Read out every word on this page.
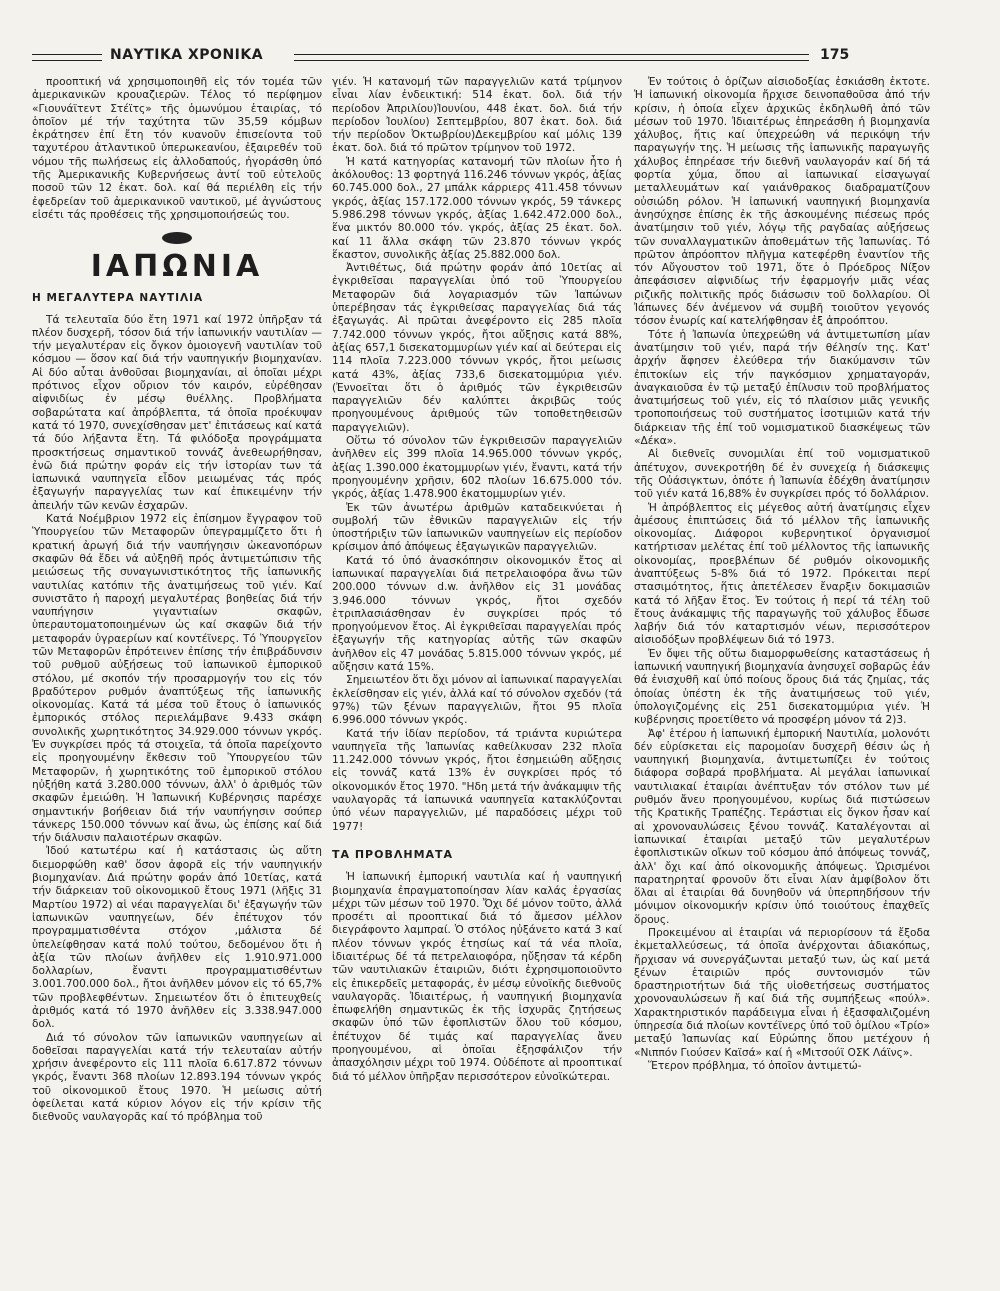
ΝΑΥΤΙΚΑ ΧΡΟΝΙΚΑ	175

προοπτική νά χρησιμοποιηθῆ εἰς τόν τομέα τῶν ἀμερικανικῶν κρουαζιερῶν. Τέλος τό περίφημον «Γιουνάϊτεντ Στέϊτς» τῆς ὁμωνύμου ἑταιρίας, τό ὁποῖον μέ τήν ταχύτητα τῶν 35,59 κόμβων ἐκράτησεν ἐπί ἔτη τόν κυανοῦν ἐπισείοντα τοῦ ταχυτέρου ἀτλαντικοῦ ὑπερωκεανίου, ἐξαιρεθέν τοῦ νόμου τῆς πωλήσεως εἰς ἀλλοδαπούς, ἠγοράσθη ὑπό τῆς Ἀμερικανικῆς Κυβερνήσεως ἀντί τοῦ εὐτελοῦς ποσοῦ τῶν 12 ἑκατ. δολ. καί θά περιέλθη εἰς τήν ἐφεδρείαν τοῦ ἀμερικανικοῦ ναυτικοῦ, μέ ἀγνώστους εἰσέτι τάς προθέσεις τῆς χρησιμοποιήσεώς του.

ΙΑΠΩΝΙΑ
Η ΜΕΓΑΛΥΤΕΡΑ ΝΑΥΤΙΛΙΑ

Τά τελευταῖα δύο ἔτη 1971 καί 1972 ὑπῆρξαν τά πλέον δυσχερῆ, τόσον διά τήν ἰαπωνικήν ναυτιλίαν — τήν μεγαλυτέραν εἰς ὄγκον ὁμοιογενῆ ναυτιλίαν τοῦ κόσμου — ὅσον καί διά τήν ναυπηγικήν βιομηχανίαν. Αἱ δύο αὗται ἀνθοῦσαι βιομηχανίαι, αἱ ὁποῖαι μέχρι πρότινος εἶχον οὔριον τόν καιρόν, εὑρέθησαν αἰφνιδίως ἐν μέσῳ θυέλλης. Προβλήματα σοβαρώτατα καί ἀπρόβλεπτα, τά ὁποῖα προέκυψαν κατά τό 1970, συνεχίσθησαν μετ' ἐπιτάσεως καί κατά τά δύο λήξαντα ἔτη. Τά φιλόδοξα προγράμματα προσκτήσεως σημαντικοῦ τοννάζ ἀνεθεωρήθησαν, ἐνῶ διά πρώτην φοράν εἰς τήν ἱστορίαν των τά ἰαπωνικά ναυπηγεῖα εἶδον μειωμένας τάς πρός ἐξαγωγήν παραγγελίας των καί ἐπικειμένην τήν ἀπειλήν τῶν κενῶν ἐσχαρῶν.

Κατά Νοέμβριον 1972 εἰς ἐπίσημον ἔγγραφον τοῦ Ὑπουργείου τῶν Μεταφορῶν ὑπεγραμμίζετο ὅτι ἡ κρατική ἀρωγή διά τήν ναυπήγησιν ὠκεανοπόρων σκαφῶν θά ἔδει νά αὐξηθῆ πρός ἀντιμετώπισιν τῆς μειώσεως τῆς συναγωνιστικότητος τῆς ἰαπωνικῆς ναυτιλίας κατόπιν τῆς ἀνατιμήσεως τοῦ γιέν. Καί συνιστᾶτο ἡ παροχή μεγαλυτέρας βοηθείας διά τήν ναυπήγησιν γιγαντιαίων σκαφῶν, ὑπεραυτοματοποιημένων ὡς καί σκαφῶν διά τήν μεταφοράν ὑγραερίων καί κοντέϊνερς. Τό Ὑπουργεῖον τῶν Μεταφορῶν ἐπρότεινεν ἐπίσης τήν ἐπιβράδυνσιν τοῦ ρυθμοῦ αὐξήσεως τοῦ ἰαπωνικοῦ ἐμπορικοῦ στόλου, μέ σκοπόν τήν προσαρμογήν του εἰς τόν βραδύτερον ρυθμόν ἀναπτύξεως τῆς ἰαπωνικῆς οἰκονομίας. Κατά τά μέσα τοῦ ἔτους ὁ ἰαπωνικός ἐμπορικός στόλος περιελάμβανε 9.433 σκάφη συνολικῆς χωρητικότητος 34.929.000 τόννων γκρός. Ἐν συγκρίσει πρός τά στοιχεῖα, τά ὁποῖα παρείχοντο εἰς προηγουμένην ἔκθεσιν τοῦ Ὑπουργείου τῶν Μεταφορῶν, ἡ χωρητικότης τοῦ ἐμπορικοῦ στόλου ηὐξήθη κατά 3.280.000 τόννων, ἀλλ' ὁ ἀριθμός τῶν σκαφῶν ἐμειώθη. Ἡ Ἰαπωνική Κυβέρνησις παρέσχε σημαντικήν βοήθειαν διά τήν ναυπήγησιν σούπερ τάνκερς 150.000 τόννων καί ἄνω, ὡς ἐπίσης καί διά τήν διάλυσιν παλαιοτέρων σκαφῶν.

Ἰδού κατωτέρω καί ἡ κατάστασις ὡς αὕτη διεμορφώθη καθ' ὅσον ἀφορᾶ εἰς τήν ναυπηγικήν βιομηχανίαν. Διά πρώτην φοράν ἀπό 10ετίας, κατά τήν διάρκειαν τοῦ οἰκονομικοῦ ἔτους 1971 (λῆξις 31 Μαρτίου 1972) αἱ νέαι παραγγελίαι δι' ἐξαγωγήν τῶν ἰαπωνικῶν ναυπηγείων, δέν ἐπέτυχον τόν προγραμματισθέντα στόχον ,μάλιστα δέ ὑπελείφθησαν κατά πολύ τούτου, δεδομένου ὅτι ἡ ἀξία τῶν πλοίων ἀνῆλθεν εἰς 1.910.971.000 δολλαρίων, ἔναντι προγραμματισθέντων 3.001.700.000 δολ., ἤτοι ἀνῆλθεν μόνον εἰς τό 65,7% τῶν προβλεφθέντων. Σημειωτέον ὅτι ὁ ἐπιτευχθείς ἀριθμός κατά τό 1970 ἀνῆλθεν εἰς 3.338.947.000 δολ.

Διά τό σύνολον τῶν ἰαπωνικῶν ναυπηγείων αἱ δοθεῖσαι παραγγελίαι κατά τήν τελευταίαν αὐτήν χρήσιν ἀνεφέροντο εἰς 111 πλοῖα 6.617.872 τόννων γκρός, ἔναντι 368 πλοίων 12.893.194 τόννων γκρός τοῦ οἰκονομικοῦ ἔτους 1970. Ἡ μείωσις αὐτή ὀφείλεται κατά κύριον λόγον εἰς τήν κρίσιν τῆς διεθνοῦς ναυλαγορᾶς καί τό πρόβλημα τοῦ

γιέν. Ἡ κατανομή τῶν παραγγελιῶν κατά τρίμηνον εἶναι λίαν ἐνδεικτική: 514 ἑκατ. δολ. διά τήν περίοδον Ἀπριλίου)Ἰουνίου, 448 ἑκατ. δολ. διά τήν περίοδον Ἰουλίου) Σεπτεμβρίου, 807 ἑκατ. δολ. διά τήν περίοδον Ὀκτωβρίου)Δεκεμβρίου καί μόλις 139 ἑκατ. δολ. διά τό πρῶτον τρίμηνον τοῦ 1972.

Ἡ κατά κατηγορίας κατανομή τῶν πλοίων ἦτο ἡ ἀκόλουθος: 13 φορτηγά 116.246 τόννων γκρός, ἀξίας 60.745.000 δολ., 27 μπάλκ κάρριερς 411.458 τόννων γκρός, ἀξίας 157.172.000 τόννων γκρός, 59 τάνκερς 5.986.298 τόννων γκρός, ἀξίας 1.642.472.000 δολ., ἕνα μικτόν 80.000 τόν. γκρός, ἀξίας 25 ἑκατ. δολ. καί 11 ἄλλα σκάφη τῶν 23.870 τόννων γκρός ἕκαστον, συνολικῆς ἀξίας 25.882.000 δολ.

Ἀντιθέτως, διά πρώτην φοράν ἀπό 10ετίας αἱ ἐγκριθεῖσαι παραγγελίαι ὑπό τοῦ Ὑπουργείου Μεταφορῶν διά λογαριασμόν τῶν Ἰαπώνων ὑπερέβησαν τάς ἐγκριθείσας παραγγελίας διά τάς ἐξαγωγάς. Αἱ πρῶται ἀνεφέροντο εἰς 285 πλοῖα 7.742.000 τόννων γκρός, ἤτοι αὔξησις κατά 88%, ἀξίας 657,1 δισεκατομμυρίων γιέν καί αἱ δεύτεραι εἰς 114 πλοῖα 7.223.000 τόννων γκρός, ἤτοι μείωσις κατά 43%, ἀξίας 733,6 δισεκατομμύρια γιέν. (Ἐννοεῖται ὅτι ὁ ἀριθμός τῶν ἐγκριθεισῶν παραγγελιῶν δέν καλύπτει ἀκριβῶς τούς προηγουμένους ἀριθμούς τῶν τοποθετηθεισῶν παραγγελιῶν).

Οὕτω τό σύνολον τῶν ἐγκριθεισῶν παραγγελιῶν ἀνῆλθεν εἰς 399 πλοῖα 14.965.000 τόννων γκρός, ἀξίας 1.390.000 ἑκατομμυρίων γιέν, ἔναντι, κατά τήν προηγουμένην χρῆσιν, 602 πλοίων 16.675.000 τόν. γκρός, ἀξίας 1.478.900 ἑκατομμυρίων γιέν.

Ἐκ τῶν ἀνωτέρω ἀριθμῶν καταδεικνύεται ἡ συμβολή τῶν ἐθνικῶν παραγγελιῶν εἰς τήν ὑποστήριξιν τῶν ἰαπωνικῶν ναυπηγείων εἰς περίοδον κρίσιμον ἀπό ἀπόψεως ἐξαγωγικῶν παραγγελιῶν.

Κατά τό ὑπό ἀνασκόπησιν οἰκονομικόν ἔτος αἱ ἰαπωνικαί παραγγελίαι διά πετρελαιοφόρα ἄνω τῶν 200.000 τόννων d.w. ἀνῆλθον εἰς 31 μονάδας 3.946.000 τόννων γκρός, ἤτοι σχεδόν ἐτριπλασιάσθησαν ἐν συγκρίσει πρός τό προηγούμενον ἔτος. Αἱ ἐγκριθεῖσαι παραγγελίαι πρός ἐξαγωγήν τῆς κατηγορίας αὐτῆς τῶν σκαφῶν ἀνῆλθον εἰς 47 μονάδας 5.815.000 τόννων γκρός, μέ αὔξησιν κατά 15%.

Σημειωτέον ὅτι ὄχι μόνον αἱ ἰαπωνικαί παραγγελίαι ἐκλείσθησαν εἰς γιέν, ἀλλά καί τό σύνολον σχεδόν (τά 97%) τῶν ξένων παραγγελιῶν, ἤτοι 95 πλοῖα 6.996.000 τόννων γκρός.

Κατά τήν ἰδίαν περίοδον, τά τριάντα κυριώτερα ναυπηγεῖα τῆς Ἰαπωνίας καθείλκυσαν 232 πλοῖα 11.242.000 τόννων γκρός, ἤτοι ἐσημειώθη αὔξησις εἰς τοννάζ κατά 13% ἐν συγκρίσει πρός τό οἰκονομικόν ἔτος 1970. "Ηδη μετά τήν ἀνάκαμψιν τῆς ναυλαγορᾶς τά ἰαπωνικά ναυπηγεῖα κατακλύζονται ὑπό νέων παραγγελιῶν, μέ παραδόσεις μέχρι τοῦ 1977!

ΤΑ ΠΡΟΒΛΗΜΑΤΑ

Ἡ ἰαπωνική ἐμπορική ναυτιλία καί ἡ ναυπηγική βιομηχανία ἐπραγματοποίησαν λίαν καλάς ἐργασίας μέχρι τῶν μέσων τοῦ 1970. Ὄχι δέ μόνον τοῦτο, ἀλλά προσέτι αἱ προοπτικαί διά τό ἄμεσον μέλλον διεγράφοντο λαμπραί. Ὁ στόλος ηὐξάνετο κατά 3 καί πλέον τόννων γκρός ἐτησίως καί τά νέα πλοῖα, ἰδιαιτέρως δέ τά πετρελαιοφόρα, ηὔξησαν τά κέρδη τῶν ναυτιλιακῶν ἑταιριῶν, διότι ἐχρησιμοποιοῦντο εἰς ἐπικερδεῖς μεταφοράς, ἐν μέσῳ εὐνοϊκῆς διεθνοῦς ναυλαγορᾶς. Ἰδιαιτέρως, ἡ ναυπηγική βιομηχανία ἐπωφελήθη σημαντικῶς ἐκ τῆς ἰσχυρᾶς ζητήσεως σκαφῶν ὑπό τῶν ἐφοπλιστῶν ὅλου τοῦ κόσμου, ἐπέτυχον δέ τιμάς καί παραγγελίας ἄνευ προηγουμένου, αἱ ὁποῖαι ἐξησφάλιζον τήν ἀπασχόλησιν μέχρι τοῦ 1974. Οὐδέποτε αἱ προοπτικαί διά τό μέλλον ὑπῆρξαν περισσότερον εὐνοϊκώτεραι.

Ἐν τούτοις ὁ ὁρίζων αἰσιοδοξίας ἐσκιάσθη ἐκτοτε. Ἡ ἰαπωνική οἰκονομία ἤρχισε δεινοπαθοῦσα ἀπό τήν κρίσιν, ἡ ὁποία εἶχεν ἀρχικῶς ἐκδηλωθῆ ἀπό τῶν μέσων τοῦ 1970. Ἰδιαιτέρως ἐπηρεάσθη ἡ βιομηχανία χάλυβος, ἥτις καί ὑπεχρεώθη νά περικόψη τήν παραγωγήν της. Ἡ μείωσις τῆς ἰαπωνικῆς παραγωγῆς χάλυβος ἐπηρέασε τήν διεθνῆ ναυλαγοράν καί δή τά φορτία χύμα, ὅπου αἱ ἰαπωνικαί εἰσαγωγαί μεταλλευμάτων καί γαιάνθρακος διαδραματίζουν οὐσιώδη ρόλον. Ἡ ἰαπωνική ναυπηγική βιομηχανία ἀνησύχησε ἐπίσης ἐκ τῆς ἀσκουμένης πιέσεως πρός ἀνατίμησιν τοῦ γιέν, λόγῳ τῆς ραγδαίας αὐξήσεως τῶν συναλλαγματικῶν ἀποθεμάτων τῆς Ἰαπωνίας. Τό πρῶτον ἀπρόοπτον πλῆγμα κατεφέρθη ἐναντίον τῆς τόν Αὔγουστον τοῦ 1971, ὅτε ὁ Πρόεδρος Νίξον ἀπεφάσισεν αἰφνιδίως τήν ἐφαρμογήν μιᾶς νέας ριζικῆς πολιτικῆς πρός διάσωσιν τοῦ δολλαρίου. Οἱ Ἰάπωνες δέν ἀνέμενον νά συμβῆ τοιοῦτον γεγονός τόσον ἐνωρίς καί κατελήφθησαν ἐξ ἀπροόπτου.

Τότε ἡ Ἰαπωνία ὑπεχρεώθη νά ἀντιμετωπίση μίαν ἀνατίμησιν τοῦ γιέν, παρά τήν θέλησίν της. Κατ' ἀρχήν ἄφησεν ἐλεύθερα τήν διακύμανσιν τῶν ἐπιτοκίων εἰς τήν παγκόσμιον χρηματαγοράν, ἀναγκαιοῦσα ἐν τῷ μεταξύ ἐπίλυσιν τοῦ προβλήματος ἀνατιμήσεως τοῦ γιέν, εἰς τό πλαίσιον μιᾶς γενικῆς τροποποιήσεως τοῦ συστήματος ἰσοτιμιῶν κατά τήν διάρκειαν τῆς ἐπί τοῦ νομισματικοῦ διασκέψεως τῶν «Δέκα».

Αἱ διεθνεῖς συνομιλίαι ἐπί τοῦ νομισματικοῦ ἀπέτυχον, συνεκροτήθη δέ ἐν συνεχείᾳ ἡ διάσκεψις τῆς Οὐάσιγκτων, ὁπότε ἡ Ἰαπωνία ἐδέχθη ἀνατίμησιν τοῦ γιέν κατά 16,88% ἐν συγκρίσει πρός τό δολλάριον.

Ἡ ἀπρόβλεπτος εἰς μέγεθος αὐτή ἀνατίμησις εἶχεν ἀμέσους ἐπιπτώσεις διά τό μέλλον τῆς ἰαπωνικῆς οἰκονομίας. Διάφοροι κυβερνητικοί ὀργανισμοί κατήρτισαν μελέτας ἐπί τοῦ μέλλοντος τῆς ἰαπωνικῆς οἰκονομίας, προεβλέπων δέ ρυθμόν οἰκονομικῆς ἀναπτύξεως 5-8% διά τό 1972. Πρόκειται περί στασιμότητος, ἥτις ἀπετέλεσεν ἔναρξιν δοκιμασιῶν κατά τό λῆξαν ἔτος. Ἐν τούτοις ἡ περί τά τέλη τοῦ ἔτους ἀνάκαμψις τῆς παραγωγῆς τοῦ χάλυβος ἔδωσε λαβήν διά τόν καταρτισμόν νέων, περισσότερον αἰσιοδόξων προβλέψεων διά τό 1973.

Ἐν ὄψει τῆς οὕτω διαμορφωθείσης καταστάσεως ἡ ἰαπωνική ναυπηγική βιομηχανία ἀνησυχεῖ σοβαρῶς ἐάν θά ἐνισχυθῆ καί ὑπό ποίους ὅρους διά τάς ζημίας, τάς ὁποίας ὑπέστη ἐκ τῆς ἀνατιμήσεως τοῦ γιέν, ὑπολογιζομένης εἰς 251 δισεκατομμύρια γιέν. Ἡ κυβέρνησις προετίθετο νά προσφέρη μόνον τά 2)3.

Ἀφ' ἑτέρου ἡ ἰαπωνική ἐμπορική Ναυτιλία, μολονότι δέν εὑρίσκεται εἰς παρομοίαν δυσχερῆ θέσιν ὡς ἡ ναυπηγική βιομηχανία, ἀντιμετωπίζει ἐν τούτοις διάφορα σοβαρά προβλήματα. Αἱ μεγάλαι ἰαπωνικαί ναυτιλιακαί ἑταιρίαι ἀνέπτυξαν τόν στόλον των μέ ρυθμόν ἄνευ προηγουμένου, κυρίως διά πιστώσεων τῆς Κρατικῆς Τραπέζης. Τεράστιαι εἰς ὄγκον ἦσαν καί αἱ χρονοναυλώσεις ξένου τοννάζ. Καταλέγονται αἱ ἰαπωνικαί ἑταιρίαι μεταξύ τῶν μεγαλυτέρων ἐφοπλιστικῶν οἴκων τοῦ κόσμου ἀπό ἀπόψεως τοννάζ, ἀλλ' ὄχι καί ἀπό οἰκονομικῆς ἀπόψεως. Ὡρισμένοι παρατηρηταί φρονοῦν ὅτι εἶναι λίαν ἀμφίβολον ὅτι ὅλαι αἱ ἑταιρίαι θά δυνηθοῦν νά ὑπερπηδήσουν τήν μόνιμον οἰκονομικήν κρίσιν ὑπό τοιούτους ἐπαχθεῖς ὅρους.

Προκειμένου αἱ ἑταιρίαι νά περιορίσουν τά ἔξοδα ἐκμεταλλεύσεως, τά ὁποῖα ἀνέρχονται ἀδιακόπως, ἤρχισαν νά συνεργάζωνται μεταξύ των, ὡς καί μετά ξένων ἑταιριῶν πρός συντονισμόν τῶν δραστηριοτήτων διά τῆς υἱοθετήσεως συστήματος χρονοναυλώσεων ἤ καί διά τῆς συμπήξεως «πούλ». Χαρακτηριστικόν παράδειγμα εἶναι ἡ ἐξασφαλιζομένη ὑπηρεσία διά πλοίων κοντέϊνερς ὑπό τοῦ ὁμίλου «Τρίο» μεταξύ Ἰαπωνίας καί Εὐρώπης ὅπου μετέχουν ἡ «Νιππόν Γιούσεν Καϊσά» καί ἡ «Μιτσούϊ ΟΣΚ Λάϊνς».

Ἕτερον πρόβλημα, τό ὁποῖον ἀντιμετώ-
